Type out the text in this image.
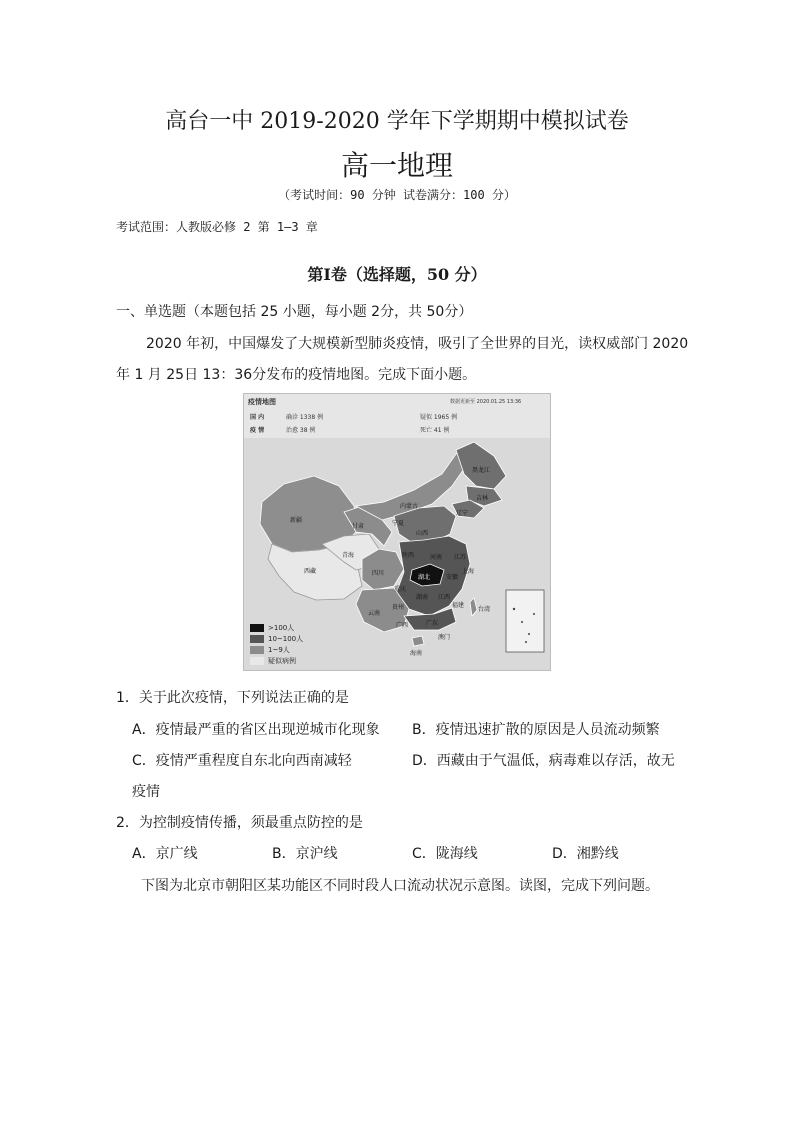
高台一中 2019-2020 学年下学期期中模拟试卷
高一地理
（考试时间：90 分钟 试卷满分：100 分）
考试范围：人教版必修 2 第 1—3 章
第Ⅰ卷（选择题，50 分）
一、单选题（本题包括 25 小题，每小题 2分，共 50分）
2020 年初，中国爆发了大规模新型肺炎疫情，吸引了全世界的目光，读权威部门 2020
年 1 月 25日 13：36分发布的疫情地图。完成下面小题。
疫情地图	数据更新至 2020.01.25 13:36
国 内
疫 情
确诊 1338 例	疑似 1965 例
治愈 38 例	死亡 41 例
新疆
西藏
青海
甘肃
内蒙古
黑龙江
吉林
辽宁
宁夏
山西
陕西
四川
河南 江苏
上海
湖北	安徽
重庆
湖南 江西
云南
贵州
广西	广东
福建
台湾
海南
澳门
>100人
10~100人
1~9人
疑似病例
1．关于此次疫情，下列说法正确的是
A．疫情最严重的省区出现逆城市化现象 B．疫情迅速扩散的原因是人员流动频繁
C．疫情严重程度自东北向西南减轻	D．西藏由于气温低，病毒难以存活，故无
疫情
2．为控制疫情传播，须最重点防控的是
A．京广线	B．京沪线	C．陇海线	D．湘黔线
下图为北京市朝阳区某功能区不同时段人口流动状况示意图。读图，完成下列问题。
